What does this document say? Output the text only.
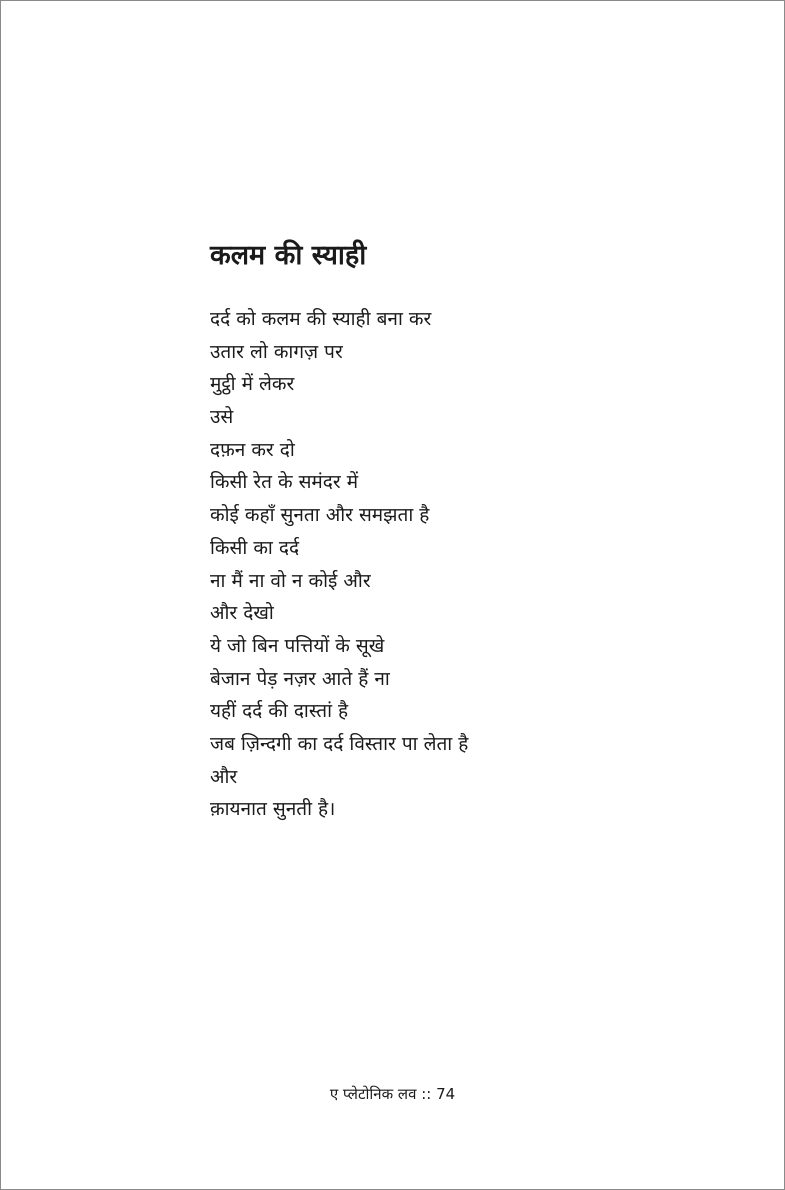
कलम की स्याही
दर्द को कलम की स्याही बना कर
उतार लो कागज़ पर
मुट्ठी में लेकर
उसे
दफ़न कर दो
किसी रेत के समंदर में
कोई कहाँ सुनता और समझता है
किसी का दर्द
ना मैं ना वो न कोई और
और देखो
ये जो बिन पत्तियों के सूखे
बेजान पेड़ नज़र आते हैं ना
यहीं दर्द की दास्तां है
जब ज़िन्दगी का दर्द विस्तार पा लेता है
और
क़ायनात सुनती है।
ए प्लेटोनिक लव :: 74
